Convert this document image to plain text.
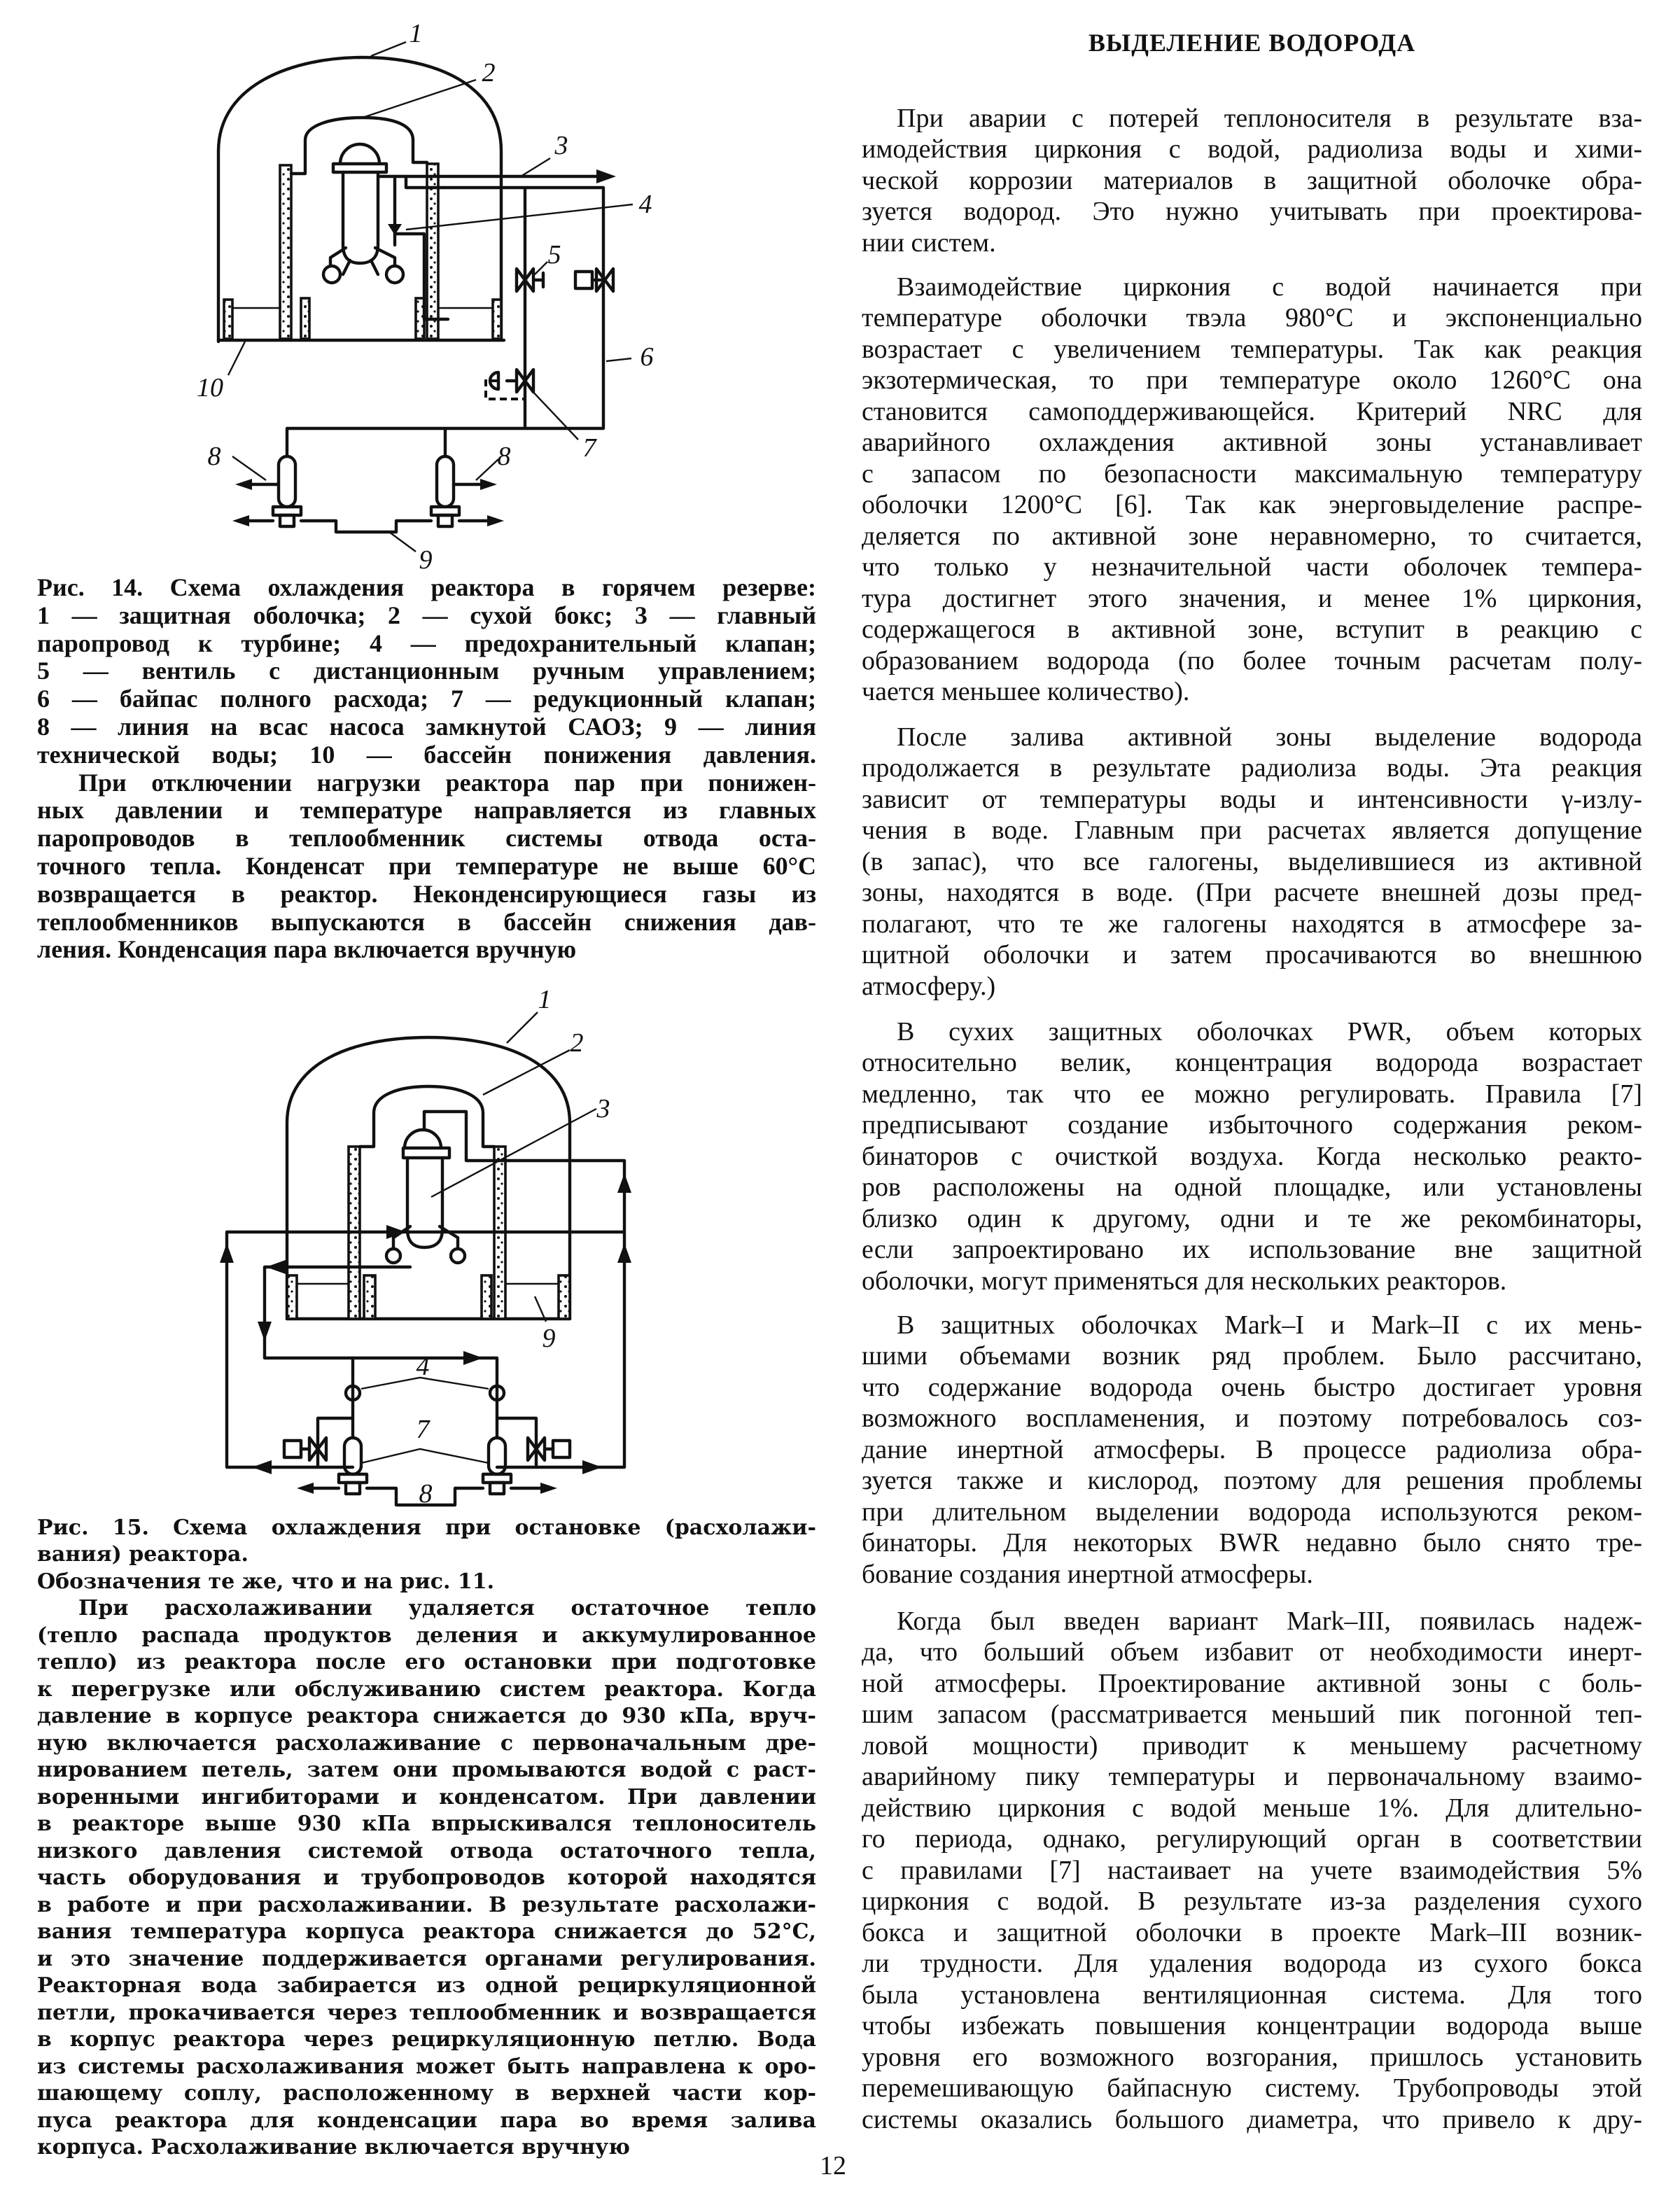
1
2
3
4
5
6
7
8	8
9
10
1
2
3
9
4
7
8
Рис. 14. Схема охлаждения реактора в горячем резерве:
1 — защитная оболочка; 2 — сухой бокс; 3 — главный
паропровод к турбине; 4 — предохранительный клапан;
5 — вентиль с дистанционным ручным управлением;
6 — байпас полного расхода; 7 — редукционный клапан;
8 — линия на всас насоса замкнутой САОЗ; 9 — линия
технической воды; 10 — бассейн понижения давления.
При отключении нагрузки реактора пар при понижен-
ных давлении и температуре направляется из главных
паропроводов в теплообменник системы отвода оста-
точного тепла. Конденсат при температуре не выше 60°С
возвращается в реактор. Неконденсирующиеся газы из
теплообменников выпускаются в бассейн снижения дав-
ления. Конденсация пара включается вручную
Рис. 15. Схема охлаждения при остановке (расхолажи-
вания) реактора.
Обозначения те же, что и на рис. 11.
При расхолаживании удаляется остаточное тепло
(тепло распада продуктов деления и аккумулированное
тепло) из реактора после его остановки при подготовке
к перегрузке или обслуживанию систем реактора. Когда
давление в корпусе реактора снижается до 930 кПа, вруч-
ную включается расхолаживание с первоначальным дре-
нированием петель, затем они промываются водой с раст-
воренными ингибиторами и конденсатом. При давлении
в реакторе выше 930 кПа впрыскивался теплоноситель
низкого давления системой отвода остаточного тепла,
часть оборудования и трубопроводов которой находятся
в работе и при расхолаживании. В результате расхолажи-
вания температура корпуса реактора снижается до 52°С,
и это значение поддерживается органами регулирования.
Реакторная вода забирается из одной рециркуляционной
петли, прокачивается через теплообменник и возвращается
в корпус реактора через рециркуляционную петлю. Вода
из системы расхолаживания может быть направлена к оро-
шающему соплу, расположенному в верхней части кор-
пуса реактора для конденсации пара во время залива
корпуса. Расхолаживание включается вручную
ВЫДЕЛЕНИЕ ВОДОРОДА
При аварии с потерей теплоносителя в результате вза-
имодействия циркония с водой, радиолиза воды и хими-
ческой коррозии материалов в защитной оболочке обра-
зуется водород. Это нужно учитывать при проектирова-
нии систем.
Взаимодействие циркония с водой начинается при
температуре оболочки твэла 980°С и экспоненциально
возрастает с увеличением температуры. Так как реакция
экзотермическая, то при температуре около 1260°С она
становится самоподдерживающейся. Критерий NRC для
аварийного охлаждения активной зоны устанавливает
с запасом по безопасности максимальную температуру
оболочки 1200°С [6]. Так как энерговыделение распре-
деляется по активной зоне неравномерно, то считается,
что только у незначительной части оболочек темпера-
тура достигнет этого значения, и менее 1% циркония,
содержащегося в активной зоне, вступит в реакцию с
образованием водорода (по более точным расчетам полу-
чается меньшее количество).
После залива активной зоны выделение водорода
продолжается в результате радиолиза воды. Эта реакция
зависит от температуры воды и интенсивности γ-излу-
чения в воде. Главным при расчетах является допущение
(в запас), что все галогены, выделившиеся из активной
зоны, находятся в воде. (При расчете внешней дозы пред-
полагают, что те же галогены находятся в атмосфере за-
щитной оболочки и затем просачиваются во внешнюю
атмосферу.)
В сухих защитных оболочках PWR, объем которых
относительно велик, концентрация водорода возрастает
медленно, так что ее можно регулировать. Правила [7]
предписывают создание избыточного содержания реком-
бинаторов с очисткой воздуха. Когда несколько реакто-
ров расположены на одной площадке, или установлены
близко один к другому, одни и те же рекомбинаторы,
если запроектировано их использование вне защитной
оболочки, могут применяться для нескольких реакторов.
В защитных оболочках Mark–I и Mark–II с их мень-
шими объемами возник ряд проблем. Было рассчитано,
что содержание водорода очень быстро достигает уровня
возможного воспламенения, и поэтому потребовалось соз-
дание инертной атмосферы. В процессе радиолиза обра-
зуется также и кислород, поэтому для решения проблемы
при длительном выделении водорода используются реком-
бинаторы. Для некоторых BWR недавно было снято тре-
бование создания инертной атмосферы.
Когда был введен вариант Mark–III, появилась надеж-
да, что больший объем избавит от необходимости инерт-
ной атмосферы. Проектирование активной зоны с боль-
шим запасом (рассматривается меньший пик погонной теп-
ловой мощности) приводит к меньшему расчетному
аварийному пику температуры и первоначальному взаимо-
действию циркония с водой меньше 1%. Для длительно-
го периода, однако, регулирующий орган в соответствии
с правилами [7] настаивает на учете взаимодействия 5%
циркония с водой. В результате из-за разделения сухого
бокса и защитной оболочки в проекте Mark–III возник-
ли трудности. Для удаления водорода из сухого бокса
была установлена вентиляционная система. Для того
чтобы избежать повышения концентрации водорода выше
уровня его возможного возгорания, пришлось установить
перемешивающую байпасную систему. Трубопроводы этой
системы оказались большого диаметра, что привело к дру-
12
